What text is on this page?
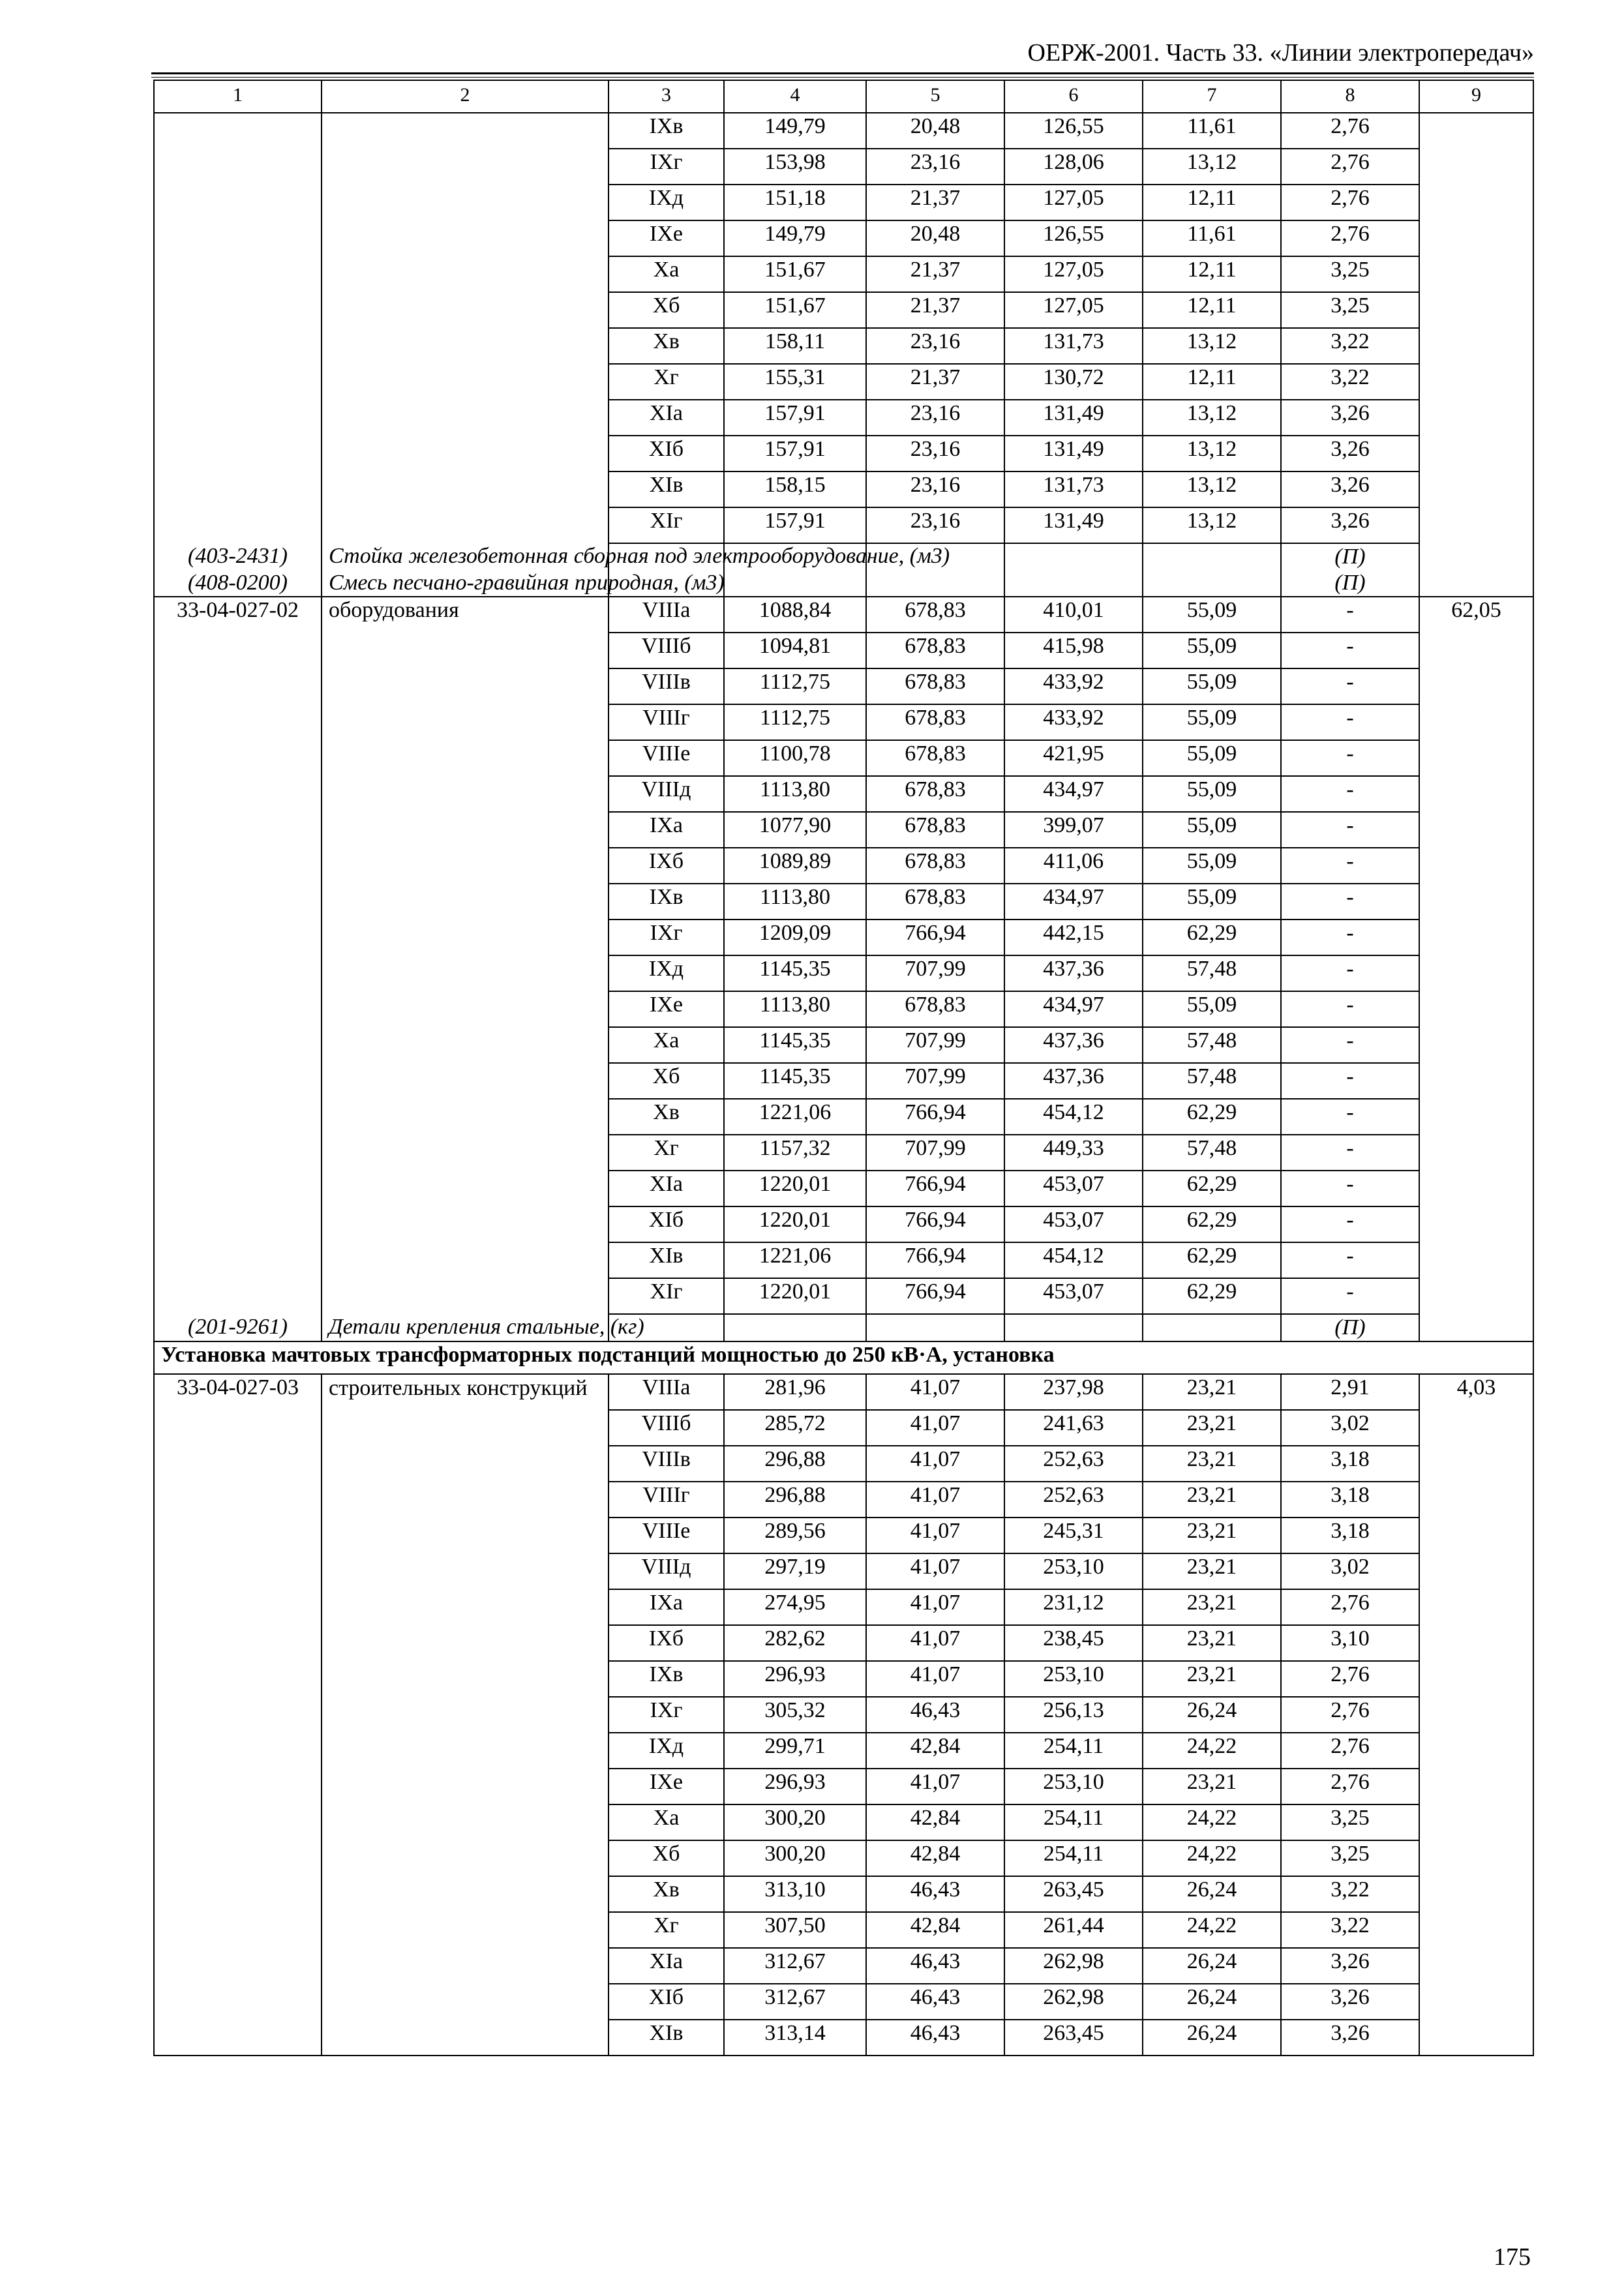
ОЕРЖ-2001. Часть 33. «Линии электропередач»
1	2	3	4	5	6	7	8	9
		IXв	149,79	20,48	126,55	11,61	2,76	
		IXг	153,98	23,16	128,06	13,12	2,76	
		IXд	151,18	21,37	127,05	12,11	2,76	
		IXе	149,79	20,48	126,55	11,61	2,76	
		Xа	151,67	21,37	127,05	12,11	3,25	
		Xб	151,67	21,37	127,05	12,11	3,25	
		Xв	158,11	23,16	131,73	13,12	3,22	
		Xг	155,31	21,37	130,72	12,11	3,22	
		XIа	157,91	23,16	131,49	13,12	3,26	
		XIб	157,91	23,16	131,49	13,12	3,26	
		XIв	158,15	23,16	131,73	13,12	3,26	
		XIг	157,91	23,16	131,49	13,12	3,26	
(403-2431)	Стойка железобетонная сборная под электрооборудование, (м3)						(П)	
(408-0200)	Смесь песчано-гравийная природная, (м3)						(П)	
33-04-027-02	оборудования	VIIIа	1088,84	678,83	410,01	55,09	-	62,05
		VIIIб	1094,81	678,83	415,98	55,09	-	
		VIIIв	1112,75	678,83	433,92	55,09	-	
		VIIIг	1112,75	678,83	433,92	55,09	-	
		VIIIе	1100,78	678,83	421,95	55,09	-	
		VIIIд	1113,80	678,83	434,97	55,09	-	
		IXа	1077,90	678,83	399,07	55,09	-	
		IXб	1089,89	678,83	411,06	55,09	-	
		IXв	1113,80	678,83	434,97	55,09	-	
		IXг	1209,09	766,94	442,15	62,29	-	
		IXд	1145,35	707,99	437,36	57,48	-	
		IXе	1113,80	678,83	434,97	55,09	-	
		Xа	1145,35	707,99	437,36	57,48	-	
		Xб	1145,35	707,99	437,36	57,48	-	
		Xв	1221,06	766,94	454,12	62,29	-	
		Xг	1157,32	707,99	449,33	57,48	-	
		XIа	1220,01	766,94	453,07	62,29	-	
		XIб	1220,01	766,94	453,07	62,29	-	
		XIв	1221,06	766,94	454,12	62,29	-	
		XIг	1220,01	766,94	453,07	62,29	-	
(201-9261)	Детали крепления стальные, (кг)						(П)	
Установка мачтовых трансформаторных подстанций мощностью до 250 кВ·А, установка								
33-04-027-03	строительных конструкций	VIIIа	281,96	41,07	237,98	23,21	2,91	4,03
		VIIIб	285,72	41,07	241,63	23,21	3,02	
		VIIIв	296,88	41,07	252,63	23,21	3,18	
		VIIIг	296,88	41,07	252,63	23,21	3,18	
		VIIIе	289,56	41,07	245,31	23,21	3,18	
		VIIIд	297,19	41,07	253,10	23,21	3,02	
		IXа	274,95	41,07	231,12	23,21	2,76	
		IXб	282,62	41,07	238,45	23,21	3,10	
		IXв	296,93	41,07	253,10	23,21	2,76	
		IXг	305,32	46,43	256,13	26,24	2,76	
		IXд	299,71	42,84	254,11	24,22	2,76	
		IXе	296,93	41,07	253,10	23,21	2,76	
		Xа	300,20	42,84	254,11	24,22	3,25	
		Xб	300,20	42,84	254,11	24,22	3,25	
		Xв	313,10	46,43	263,45	26,24	3,22	
		Xг	307,50	42,84	261,44	24,22	3,22	
		XIа	312,67	46,43	262,98	26,24	3,26	
		XIб	312,67	46,43	262,98	26,24	3,26	
		XIв	313,14	46,43	263,45	26,24	3,26	
175
